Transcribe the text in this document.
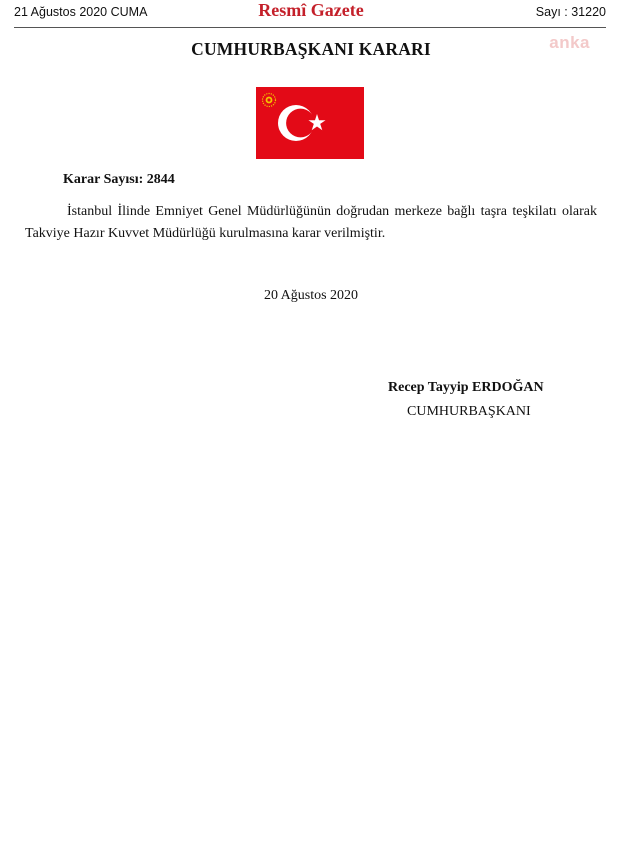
21 Ağustos 2020 CUMA	Resmî Gazete	Sayı : 31220
anka
CUMHURBAŞKANI KARARI
Karar Sayısı: 2844

İstanbul İlinde Emniyet Genel Müdürlüğünün doğrudan merkeze bağlı taşra teşkilatı olarak Takviye Hazır Kuvvet Müdürlüğü kurulmasına karar verilmiştir.

20 Ağustos 2020
Recep Tayyip ERDOĞAN
CUMHURBAŞKANI
